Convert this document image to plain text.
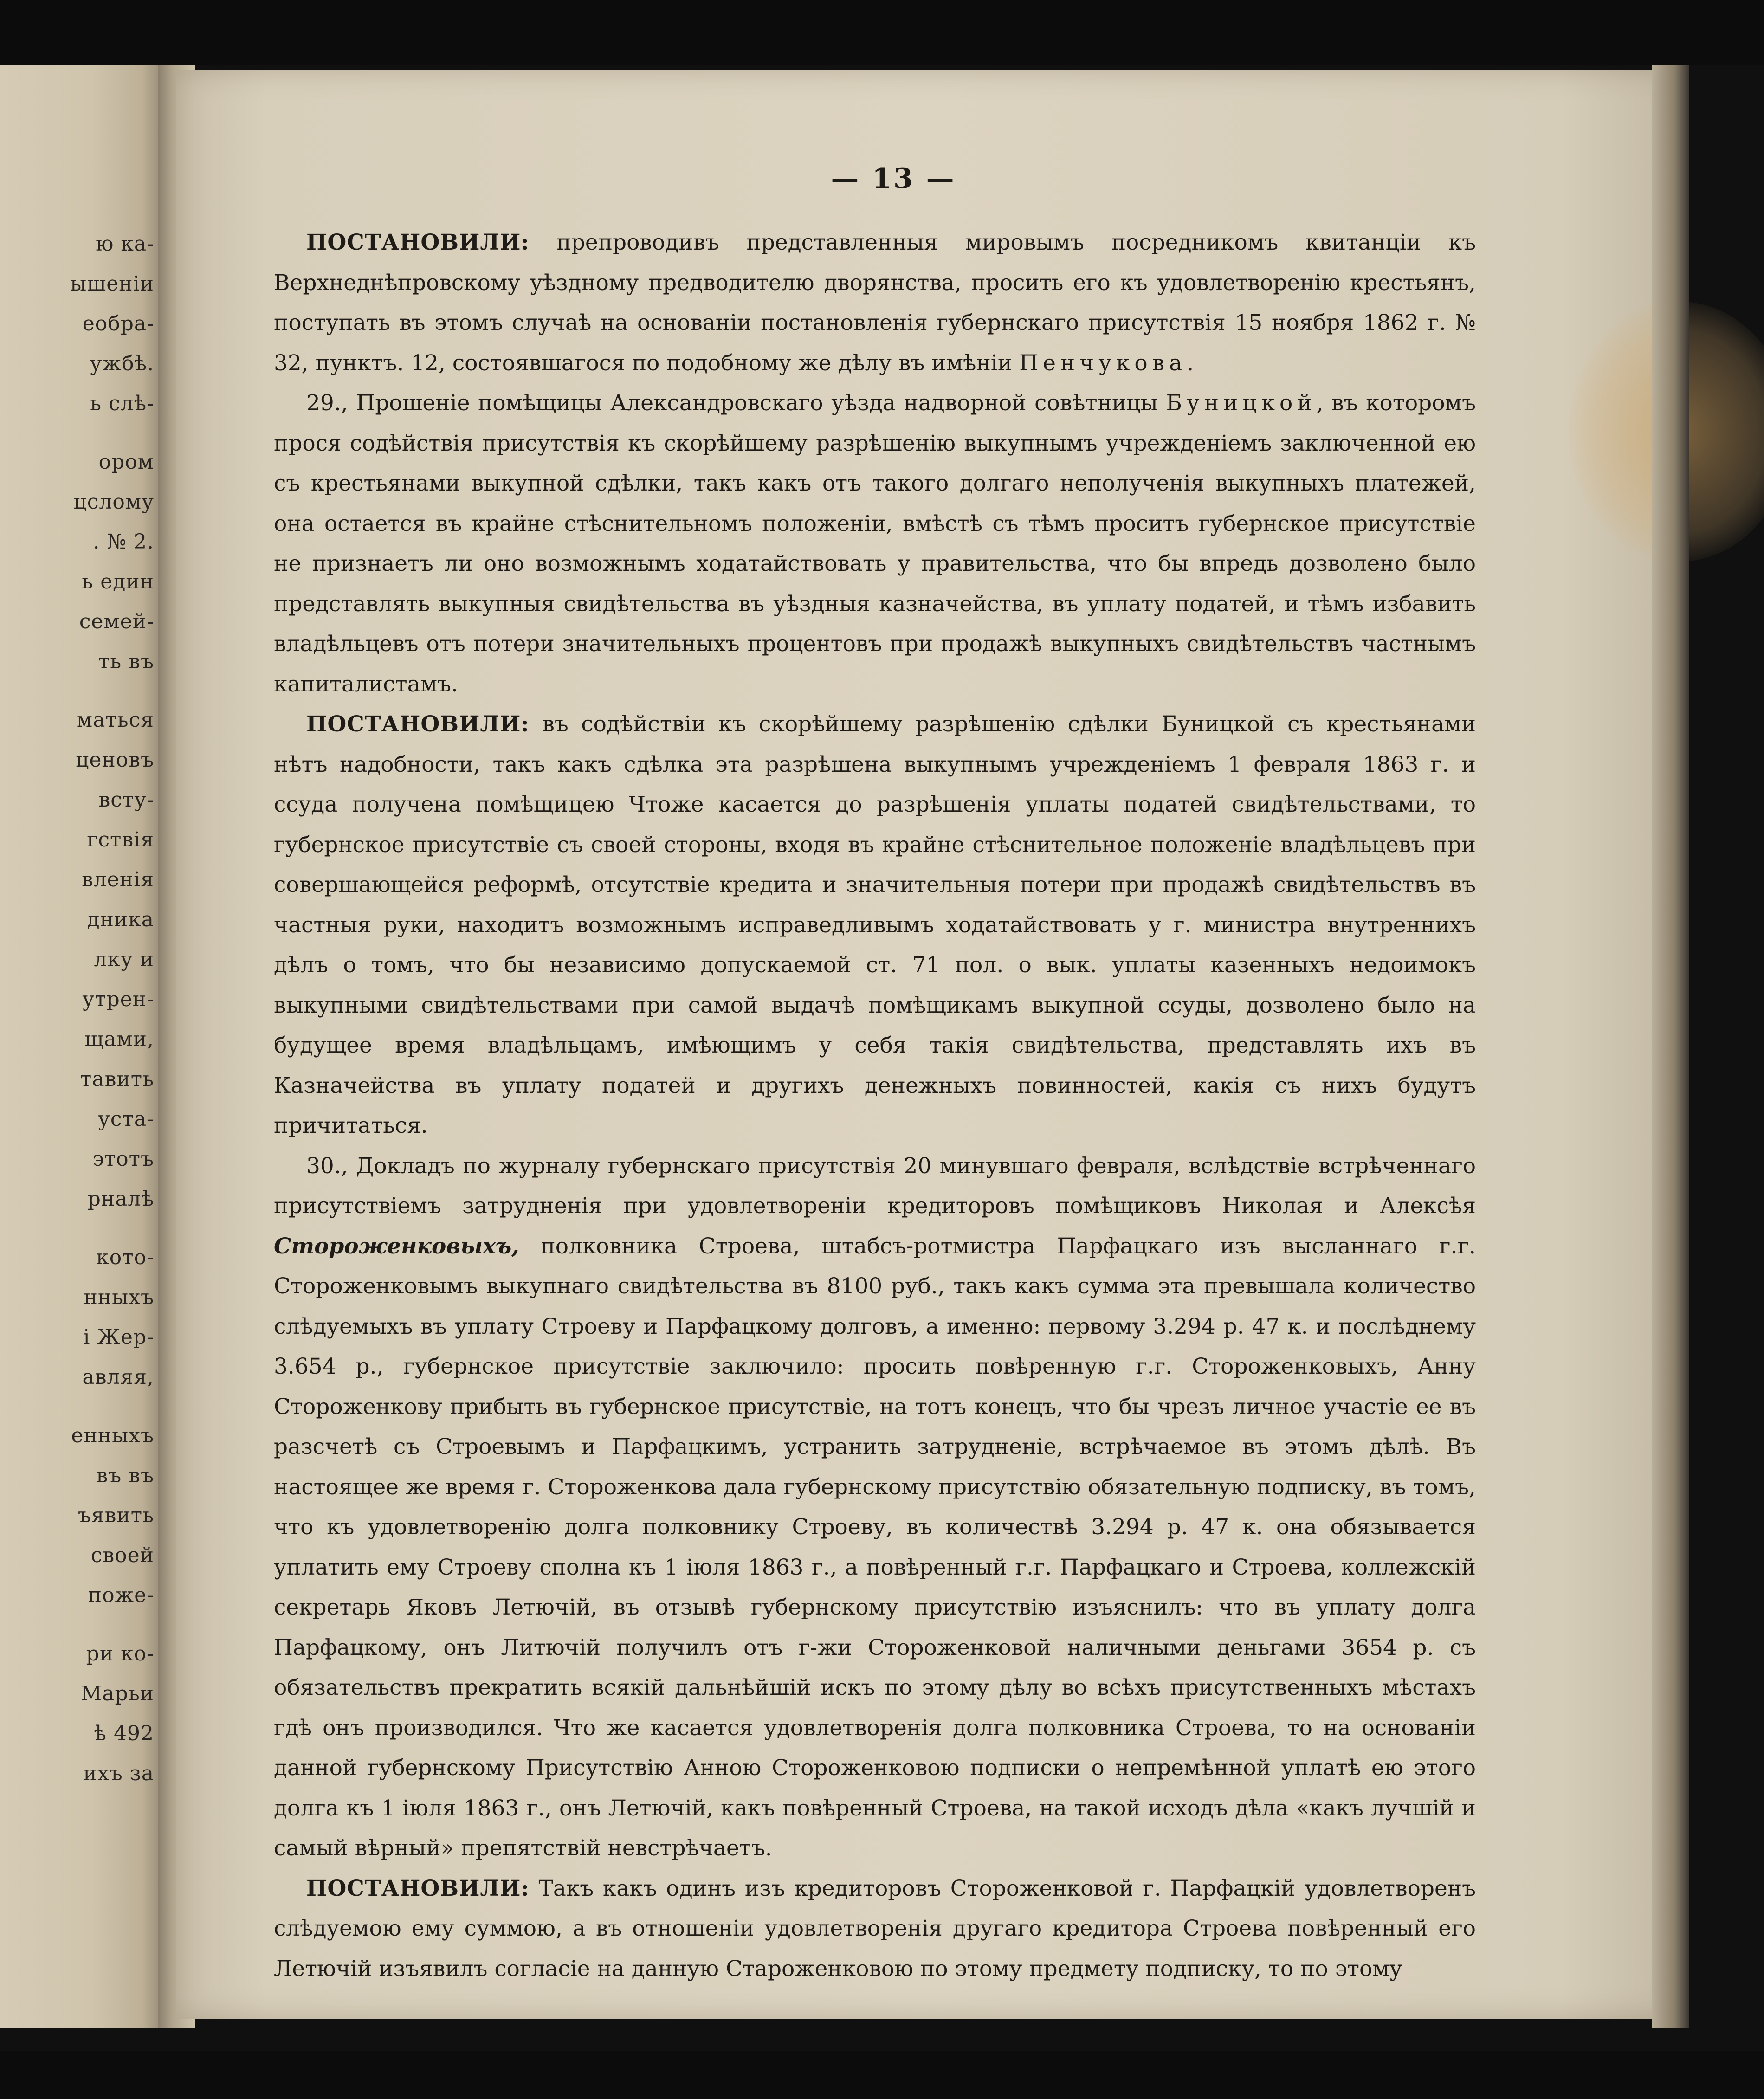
ю ка-
ышеніи
еобра-
ужбѣ.
ь слѣ-
ором
цслому
. № 2.
ь един
семей-
ть въ
маться
ценовъ
всту-
гствія
вленія
дника
лку и
утрен-
щами,
тавить
уста-
этотъ
рналѣ
кото-
нныхъ
і Жер-
авляя,
енныхъ
въ въ
ъявить
своей
поже-
ри ко-
Марьи
ѣ 492
ихъ за
— 13 —

ПОСТАНОВИЛИ: препроводивъ представленныя мировымъ посредникомъ квитанціи къ Верхнеднѣпровскому уѣздному предводителю дворянства, просить его къ удовлетворенію крестьянъ, поступать въ этомъ случаѣ на основаніи постановленія губернскаго присутствія 15 ноября 1862 г. № 32, пунктъ. 12, состоявшагося по подобному же дѣлу въ имѣніи Пенчукова.

29., Прошеніе помѣщицы Александровскаго уѣзда надворной совѣтницы Буницкой, въ которомъ прося содѣйствія присутствія къ скорѣйшему разрѣшенію выкупнымъ учрежденіемъ заключенной ею съ крестьянами выкупной сдѣлки, такъ какъ отъ такого долгаго неполученія выкупныхъ платежей, она остается въ крайне стѣснительномъ положеніи, вмѣстѣ съ тѣмъ проситъ губернское присутствіе не признаетъ ли оно возможнымъ ходатайствовать у правительства, что бы впредь дозволено было представлять выкупныя свидѣтельства въ уѣздныя казначейства, въ уплату податей, и тѣмъ избавить владѣльцевъ отъ потери значительныхъ процентовъ при продажѣ выкупныхъ свидѣтельствъ частнымъ капиталистамъ.

ПОСТАНОВИЛИ: въ содѣйствіи къ скорѣйшему разрѣшенію сдѣлки Буницкой съ крестьянами нѣтъ надобности, такъ какъ сдѣлка эта разрѣшена выкупнымъ учрежденіемъ 1 февраля 1863 г. и ссуда получена помѣщицею Чтоже касается до разрѣшенія уплаты податей свидѣтельствами, то губернское присутствіе съ своей стороны, входя въ крайне стѣснительное положеніе владѣльцевъ при совершающейся реформѣ, отсутствіе кредита и значительныя потери при продажѣ свидѣтельствъ въ частныя руки, находитъ возможнымъ исправедливымъ ходатайствовать у г. министра внутреннихъ дѣлъ о томъ, что бы независимо допускаемой ст. 71 пол. о вык. уплаты казенныхъ недоимокъ выкупными свидѣтельствами при самой выдачѣ помѣщикамъ выкупной ссуды, дозволено было на будущее время владѣльцамъ, имѣющимъ у себя такія свидѣтельства, представлять ихъ въ Казначейства въ уплату податей и другихъ денежныхъ повинностей, какія съ нихъ будутъ причитаться.

30., Докладъ по журналу губернскаго присутствія 20 минувшаго февраля, вслѣдствіе встрѣченнаго присутствіемъ затрудненія при удовлетвореніи кредиторовъ помѣщиковъ Николая и Алексѣя Стороженковыхъ, полковника Строева, штабсъ-ротмистра Парфацкаго изъ высланнаго г.г. Стороженковымъ выкупнаго свидѣтельства въ 8100 руб., такъ какъ сумма эта превышала количество слѣдуемыхъ въ уплату Строеву и Парфацкому долговъ, а именно: первому 3.294 р. 47 к. и послѣднему 3.654 р., губернское присутствіе заключило: просить повѣренную г.г. Стороженковыхъ, Анну Стороженкову прибыть въ губернское присутствіе, на тотъ конецъ, что бы чрезъ личное участіе ее въ разсчетѣ съ Строевымъ и Парфацкимъ, устранить затрудненіе, встрѣчаемое въ этомъ дѣлѣ. Въ настоящее же время г. Стороженкова дала губернскому присутствію обязательную подписку, въ томъ, что къ удовлетворенію долга полковнику Строеву, въ количествѣ 3.294 р. 47 к. она обязывается уплатить ему Строеву сполна къ 1 іюля 1863 г., а повѣренный г.г. Парфацкаго и Строева, коллежскій секретарь Яковъ Летючій, въ отзывѣ губернскому присутствію изъяснилъ: что въ уплату долга Парфацкому, онъ Литючій получилъ отъ г-жи Стороженковой наличными деньгами 3654 р. съ обязательствъ прекратить всякій дальнѣйшій искъ по этому дѣлу во всѣхъ присутственныхъ мѣстахъ гдѣ онъ производился. Что же касается удовлетворенія долга полковника Строева, то на основаніи данной губернскому Присутствію Анною Стороженковою подписки о непремѣнной уплатѣ ею этого долга къ 1 іюля 1863 г., онъ Летючій, какъ повѣренный Строева, на такой исходъ дѣла «какъ лучшій и самый вѣрный» препятствій невстрѣчаетъ.

ПОСТАНОВИЛИ: Такъ какъ одинъ изъ кредиторовъ Стороженковой г. Парфацкій удовлетворенъ слѣдуемою ему суммою, а въ отношеніи удовлетворенія другаго кредитора Строева повѣренный его Летючій изъявилъ согласіе на данную Староженковою по этому предмету подписку, то по этому
